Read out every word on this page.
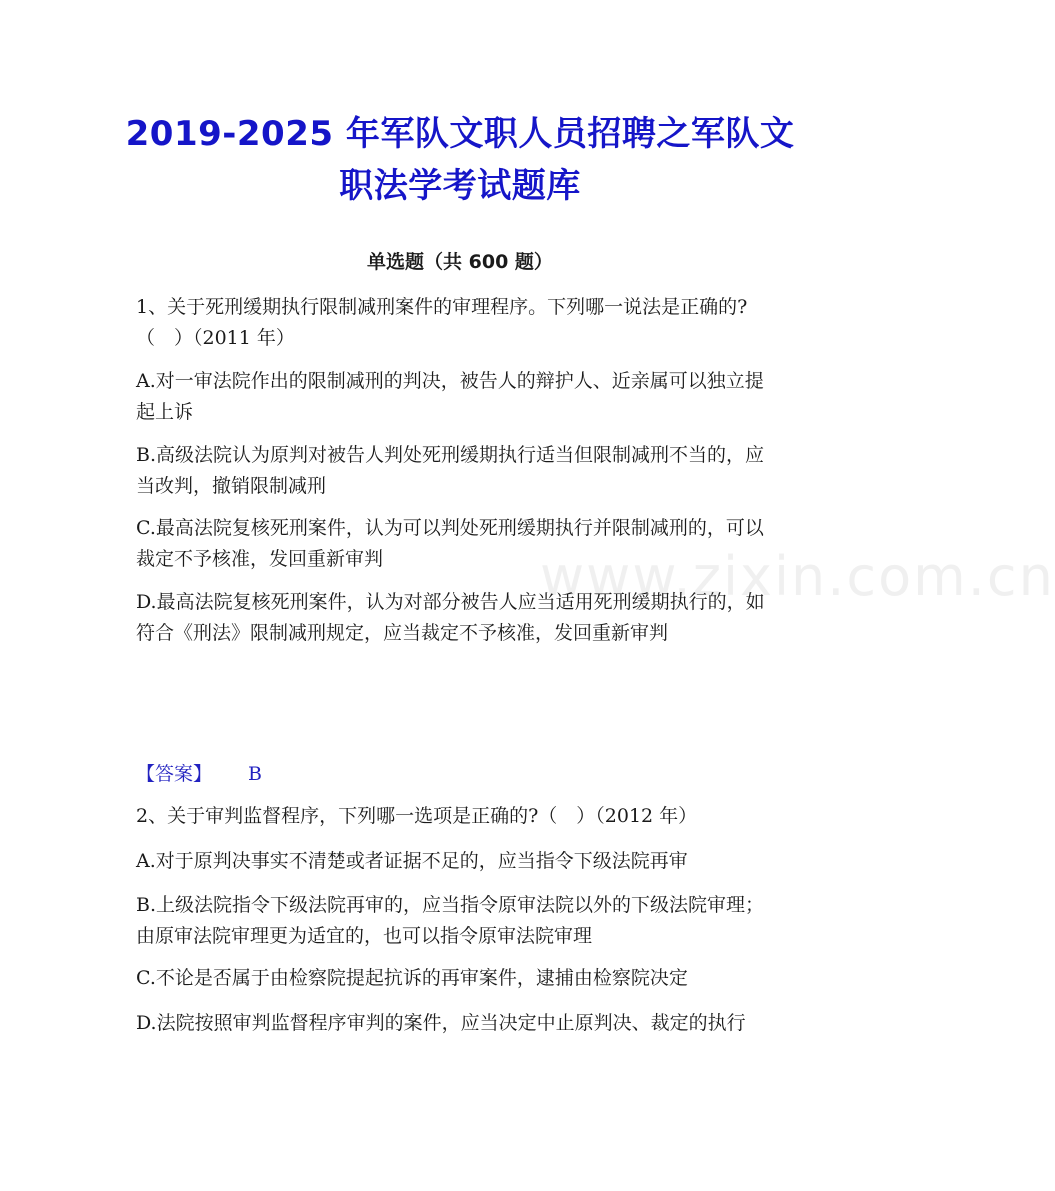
www.zixin.com.cn
2019-2025 年军队文职人员招聘之军队文
职法学考试题库
单选题（共 600 题）

1、关于死刑缓期执行限制减刑案件的审理程序。下列哪一说法是正确的?（　）（2011 年）

A.对一审法院作出的限制减刑的判决，被告人的辩护人、近亲属可以独立提起上诉

B.高级法院认为原判对被告人判处死刑缓期执行适当但限制减刑不当的，应当改判，撤销限制减刑

C.最高法院复核死刑案件，认为可以判处死刑缓期执行并限制减刑的，可以裁定不予核准，发回重新审判

D.最高法院复核死刑案件，认为对部分被告人应当适用死刑缓期执行的，如符合《刑法》限制减刑规定，应当裁定不予核准，发回重新审判

【答案】 B

2、关于审判监督程序，下列哪一选项是正确的?（　）（2012 年）

A.对于原判决事实不清楚或者证据不足的，应当指令下级法院再审

B.上级法院指令下级法院再审的，应当指令原审法院以外的下级法院审理；由原审法院审理更为适宜的，也可以指令原审法院审理

C.不论是否属于由检察院提起抗诉的再审案件，逮捕由检察院决定

D.法院按照审判监督程序审判的案件，应当决定中止原判决、裁定的执行
